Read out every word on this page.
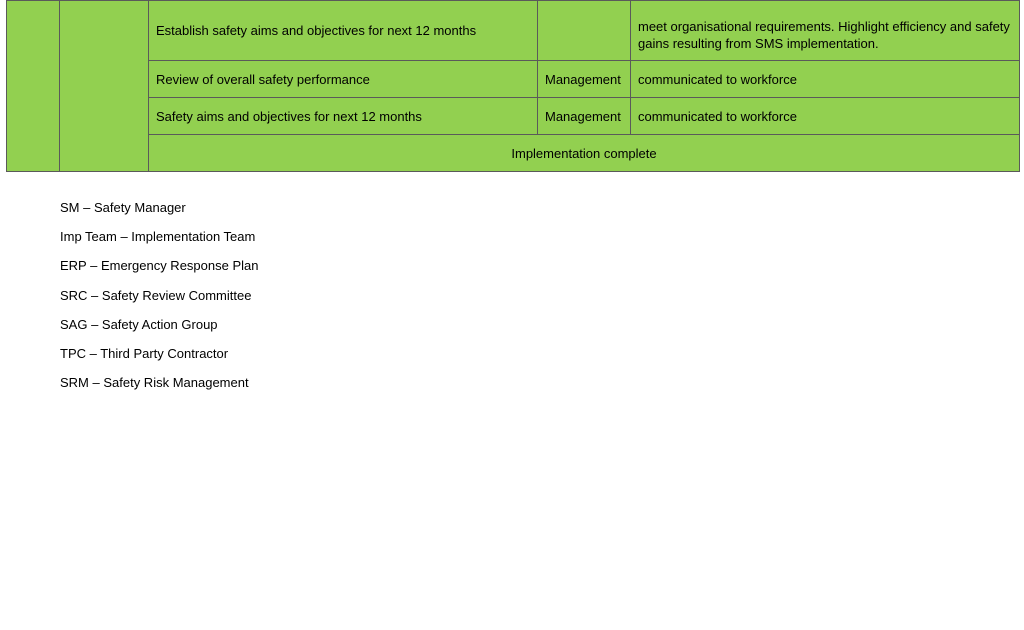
		Establish safety aims and objectives for next 12 months		meet organisational requirements. Highlight efficiency and safety gains resulting from SMS implementation.
		Review of overall safety performance	Management	communicated to workforce
		Safety aims and objectives for next 12 months	Management	communicated to workforce
		Implementation complete		
SM – Safety Manager
Imp Team – Implementation Team
ERP – Emergency Response Plan
SRC – Safety Review Committee
SAG – Safety Action Group
TPC – Third Party Contractor
SRM – Safety Risk Management
